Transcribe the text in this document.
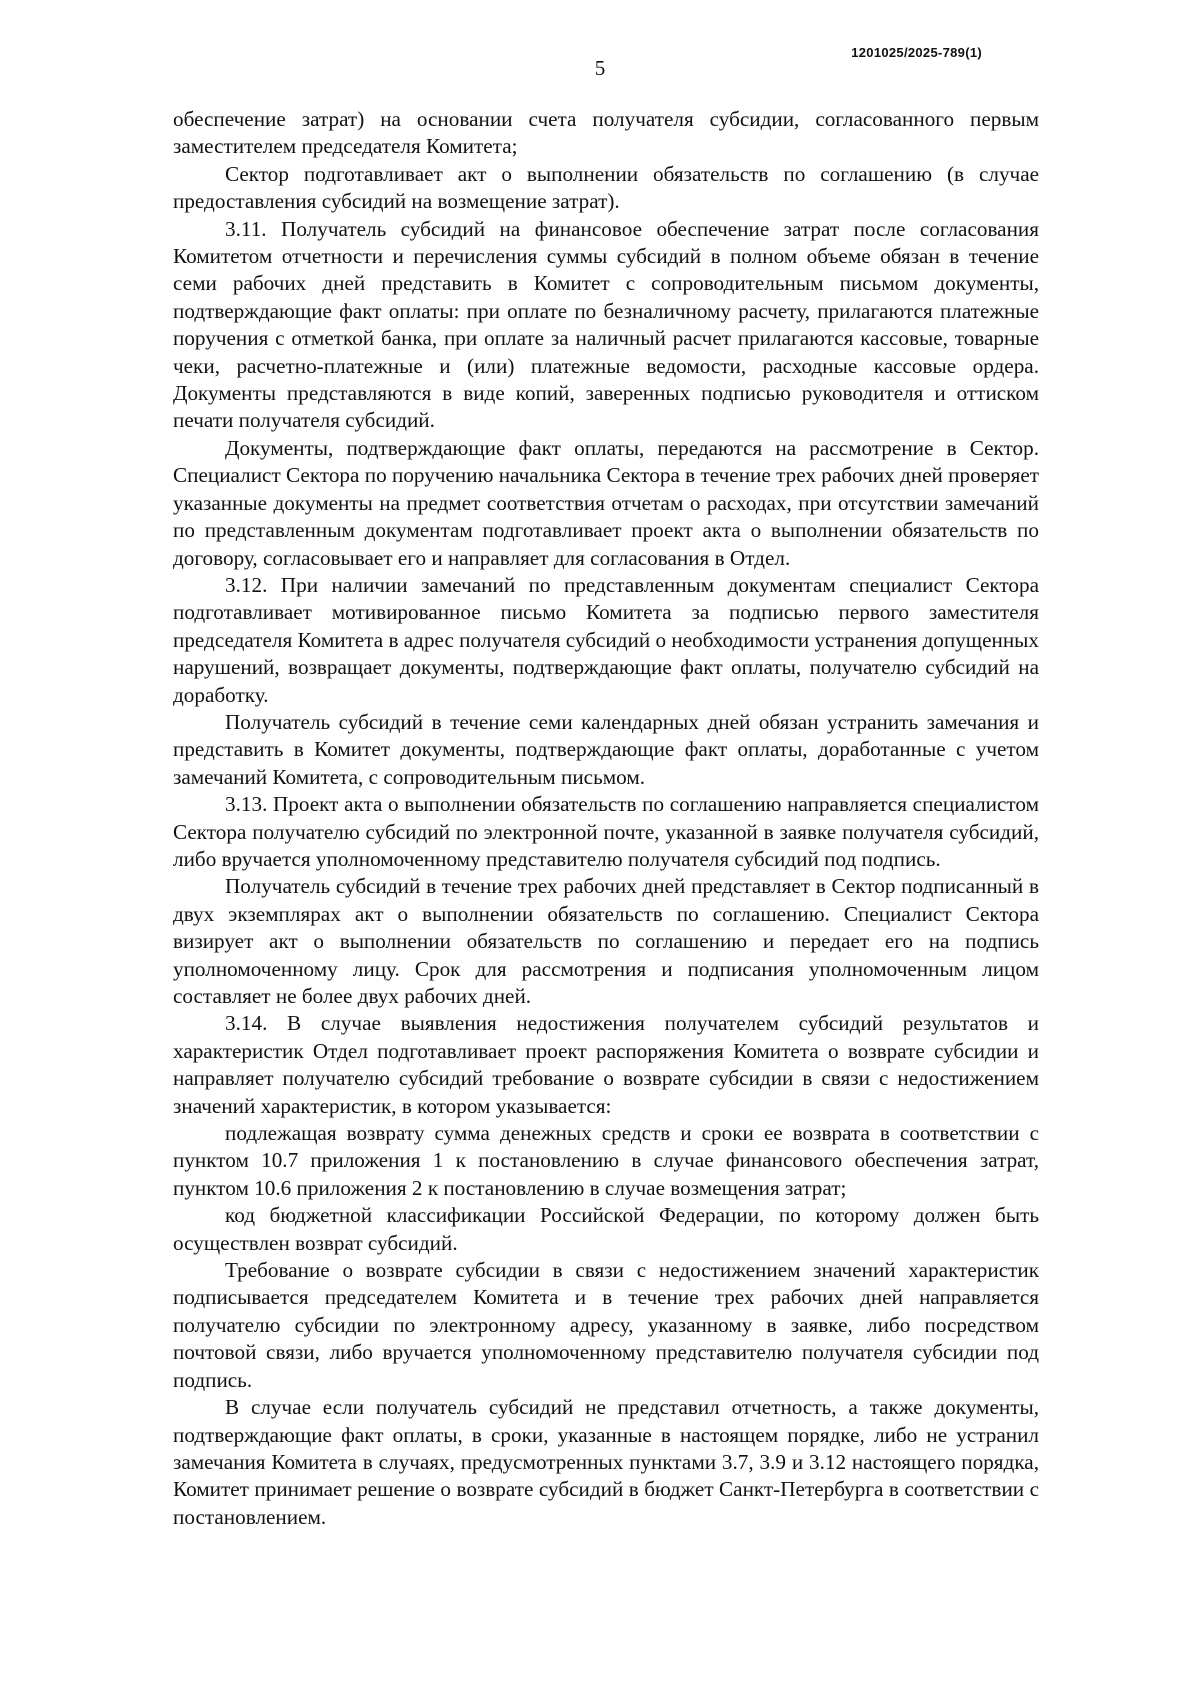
1201025/2025-789(1)
5

обеспечение затрат) на основании счета получателя субсидии, согласованного первым заместителем председателя Комитета;

Сектор подготавливает акт о выполнении обязательств по соглашению (в случае предоставления субсидий на возмещение затрат).

3.11. Получатель субсидий на финансовое обеспечение затрат после согласования Комитетом отчетности и перечисления суммы субсидий в полном объеме обязан в течение семи рабочих дней представить в Комитет с сопроводительным письмом документы, подтверждающие факт оплаты: при оплате по безналичному расчету, прилагаются платежные поручения с отметкой банка, при оплате за наличный расчет прилагаются кассовые, товарные чеки, расчетно-платежные и (или) платежные ведомости, расходные кассовые ордера. Документы представляются в виде копий, заверенных подписью руководителя и оттиском печати получателя субсидий.

Документы, подтверждающие факт оплаты, передаются на рассмотрение в Сектор. Специалист Сектора по поручению начальника Сектора в течение трех рабочих дней проверяет указанные документы на предмет соответствия отчетам о расходах, при отсутствии замечаний по представленным документам подготавливает проект акта о выполнении обязательств по договору, согласовывает его и направляет для согласования в Отдел.

3.12. При наличии замечаний по представленным документам специалист Сектора подготавливает мотивированное письмо Комитета за подписью первого заместителя председателя Комитета в адрес получателя субсидий о необходимости устранения допущенных нарушений, возвращает документы, подтверждающие факт оплаты, получателю субсидий на доработку.

Получатель субсидий в течение семи календарных дней обязан устранить замечания и представить в Комитет документы, подтверждающие факт оплаты, доработанные с учетом замечаний Комитета, с сопроводительным письмом.

3.13. Проект акта о выполнении обязательств по соглашению направляется специалистом Сектора получателю субсидий по электронной почте, указанной в заявке получателя субсидий, либо вручается уполномоченному представителю получателя субсидий под подпись.

Получатель субсидий в течение трех рабочих дней представляет в Сектор подписанный в двух экземплярах акт о выполнении обязательств по соглашению. Специалист Сектора визирует акт о выполнении обязательств по соглашению и передает его на подпись уполномоченному лицу. Срок для рассмотрения и подписания уполномоченным лицом составляет не более двух рабочих дней.

3.14. В случае выявления недостижения получателем субсидий результатов и характеристик Отдел подготавливает проект распоряжения Комитета о возврате субсидии и направляет получателю субсидий требование о возврате субсидии в связи с недостижением значений характеристик, в котором указывается:

подлежащая возврату сумма денежных средств и сроки ее возврата в соответствии с пунктом 10.7 приложения 1 к постановлению в случае финансового обеспечения затрат, пунктом 10.6 приложения 2 к постановлению в случае возмещения затрат;

код бюджетной классификации Российской Федерации, по которому должен быть осуществлен возврат субсидий.

Требование о возврате субсидии в связи с недостижением значений характеристик подписывается председателем Комитета и в течение трех рабочих дней направляется получателю субсидии по электронному адресу, указанному в заявке, либо посредством почтовой связи, либо вручается уполномоченному представителю получателя субсидии под подпись.

В случае если получатель субсидий не представил отчетность, а также документы, подтверждающие факт оплаты, в сроки, указанные в настоящем порядке, либо не устранил замечания Комитета в случаях, предусмотренных пунктами 3.7, 3.9 и 3.12 настоящего порядка, Комитет принимает решение о возврате субсидий в бюджет Санкт-Петербурга в соответствии с постановлением.
